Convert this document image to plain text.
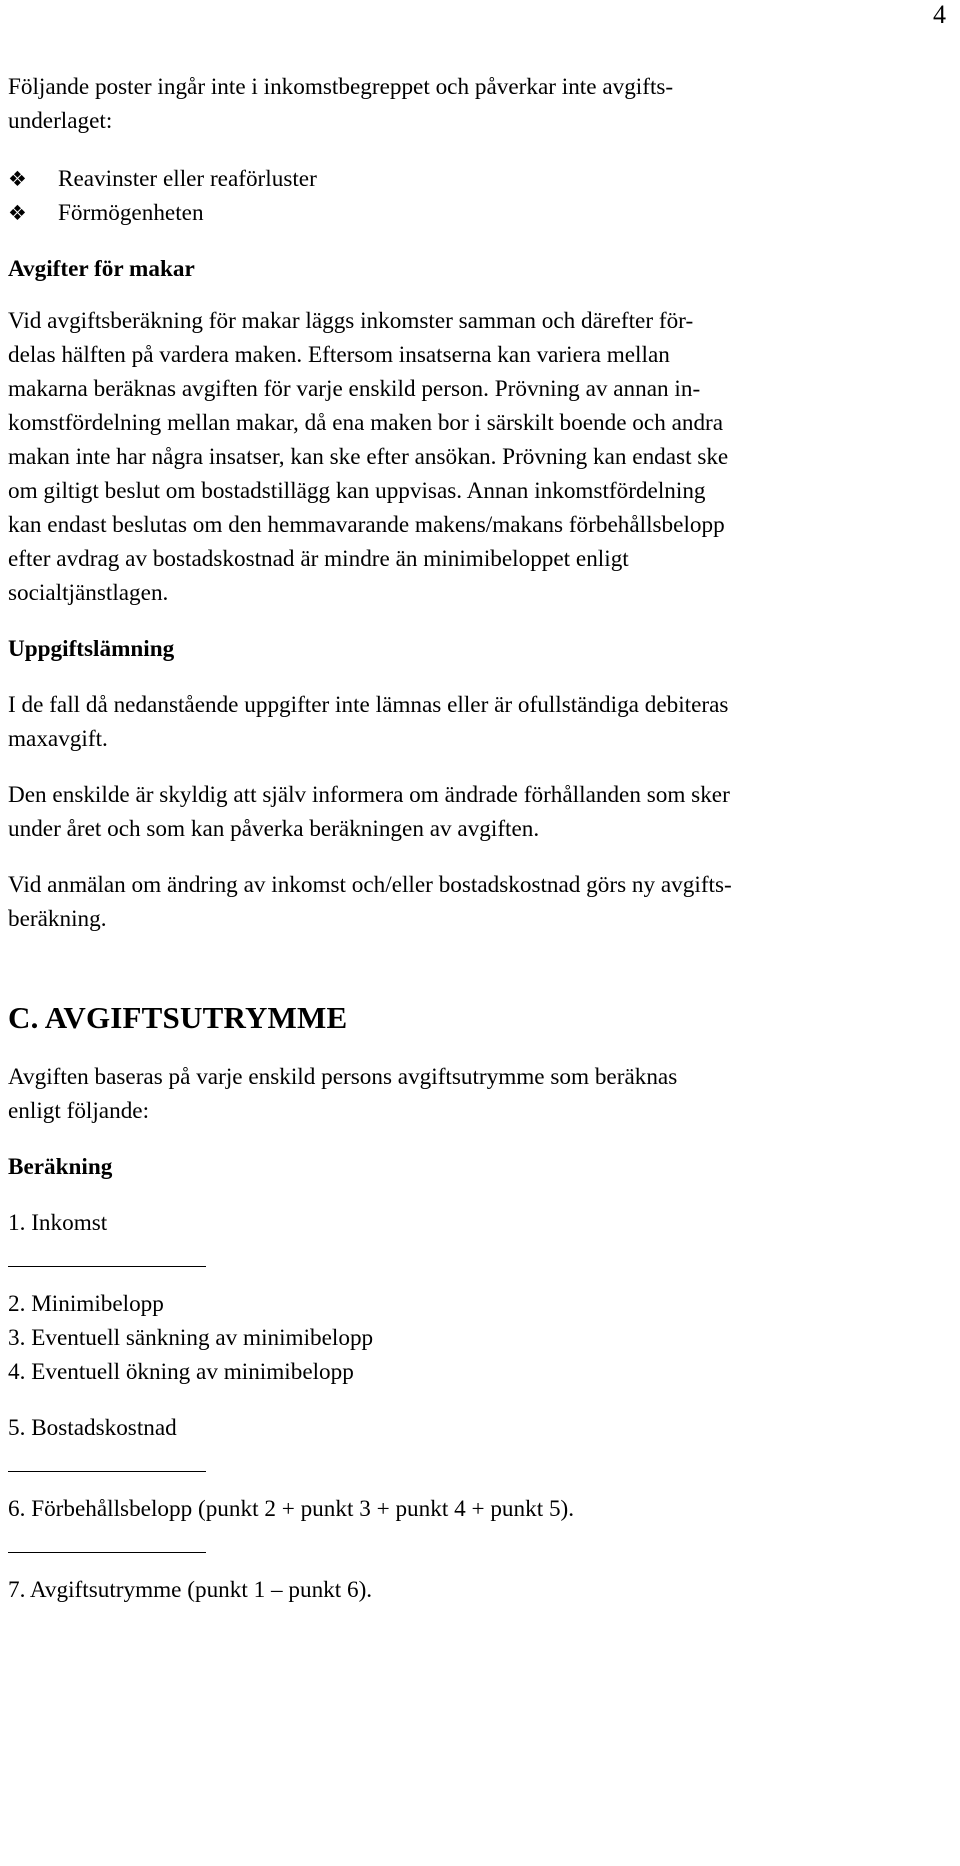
4

Följande poster ingår inte i inkomstbegreppet och påverkar inte avgifts-
underlaget:

❖	Reavinster eller reaförluster
❖	Förmögenheten
Avgifter för makar

Vid avgiftsberäkning för makar läggs inkomster samman och därefter för-
delas hälften på vardera maken. Eftersom insatserna kan variera mellan
makarna beräknas avgiften för varje enskild person. Prövning av annan in-
komstfördelning mellan makar, då ena maken bor i särskilt boende och andra
makan inte har några insatser, kan ske efter ansökan. Prövning kan endast ske
om giltigt beslut om bostadstillägg kan uppvisas. Annan inkomstfördelning
kan endast beslutas om den hemmavarande makens/makans förbehållsbelopp
efter avdrag av bostadskostnad är mindre än minimibeloppet enligt
socialtjänstlagen.

Uppgiftslämning

I de fall då nedanstående uppgifter inte lämnas eller är ofullständiga debiteras
maxavgift.

Den enskilde är skyldig att själv informera om ändrade förhållanden som sker
under året och som kan påverka beräkningen av avgiften.

Vid anmälan om ändring av inkomst och/eller bostadskostnad görs ny avgifts-
beräkning.

C. AVGIFTSUTRYMME

Avgiften baseras på varje enskild persons avgiftsutrymme som beräknas
enligt följande:

Beräkning
1. Inkomst
2. Minimibelopp
3. Eventuell sänkning av minimibelopp
4. Eventuell ökning av minimibelopp
5. Bostadskostnad
6. Förbehållsbelopp (punkt 2 + punkt 3 + punkt 4 + punkt 5).
7. Avgiftsutrymme (punkt 1 – punkt 6).
